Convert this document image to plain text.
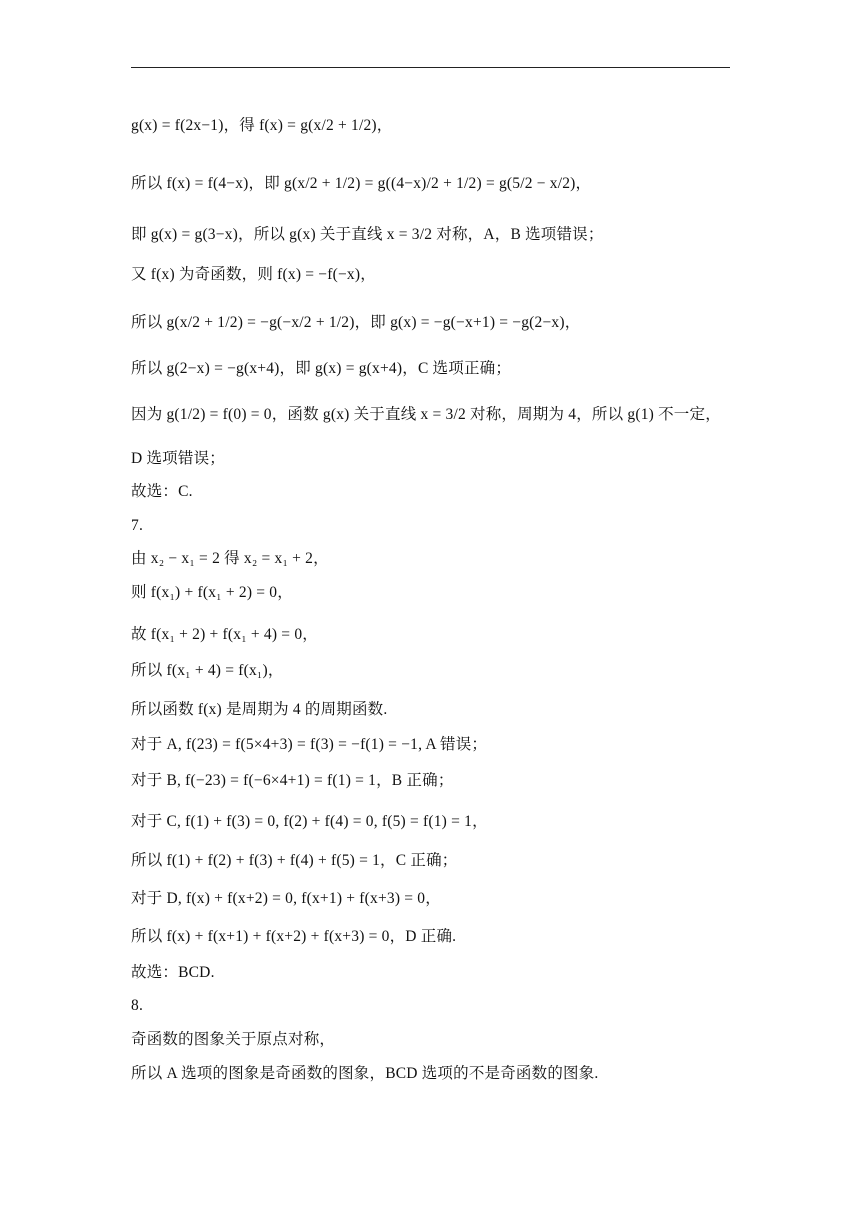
g(x) = f(2x−1)，得 f(x) = g(x/2 + 1/2)，
所以 f(x) = f(4−x)，即 g(x/2 + 1/2) = g((4−x)/2 + 1/2) = g(5/2 − x/2)，
即 g(x) = g(3−x)，所以 g(x) 关于直线 x = 3/2 对称，A，B 选项错误；
又 f(x) 为奇函数，则 f(x) = −f(−x)，
所以 g(x/2 + 1/2) = −g(−x/2 + 1/2)，即 g(x) = −g(−x+1) = −g(2−x)，
所以 g(2−x) = −g(x+4)，即 g(x) = g(x+4)，C 选项正确；
因为 g(1/2) = f(0) = 0，函数 g(x) 关于直线 x = 3/2 对称，周期为 4，所以 g(1) 不一定，
D 选项错误；
故选：C.
7.
由 x₂ − x₁ = 2 得 x₂ = x₁ + 2，
则 f(x₁) + f(x₁ + 2) = 0，
故 f(x₁ + 2) + f(x₁ + 4) = 0，
所以 f(x₁ + 4) = f(x₁)，
所以函数 f(x) 是周期为 4 的周期函数.
对于 A, f(23) = f(5×4+3) = f(3) = −f(1) = −1, A 错误；
对于 B, f(−23) = f(−6×4+1) = f(1) = 1，B 正确；
对于 C, f(1) + f(3) = 0, f(2) + f(4) = 0, f(5) = f(1) = 1，
所以 f(1) + f(2) + f(3) + f(4) + f(5) = 1，C 正确；
对于 D, f(x) + f(x+2) = 0, f(x+1) + f(x+3) = 0，
所以 f(x) + f(x+1) + f(x+2) + f(x+3) = 0，D 正确.
故选：BCD.
8.
奇函数的图象关于原点对称，
所以 A 选项的图象是奇函数的图象，BCD 选项的不是奇函数的图象.
